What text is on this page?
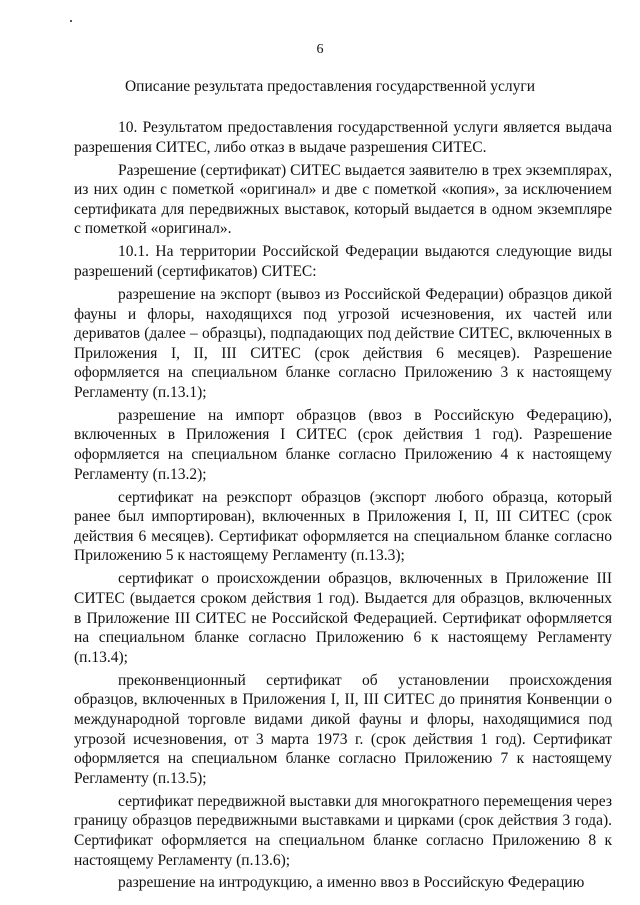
6
Описание результата предоставления государственной услуги

10. Результатом предоставления государственной услуги является выдача разрешения СИТЕС, либо отказ в выдаче разрешения СИТЕС.

Разрешение (сертификат) СИТЕС выдается заявителю в трех экземплярах, из них один с пометкой «оригинал» и две с пометкой «копия», за исключением сертификата для передвижных выставок, который выдается в одном экземпляре с пометкой «оригинал».

10.1. На территории Российской Федерации выдаются следующие виды разрешений (сертификатов) СИТЕС:

разрешение на экспорт (вывоз из Российской Федерации) образцов дикой фауны и флоры, находящихся под угрозой исчезновения, их частей или дериватов (далее – образцы), подпадающих под действие СИТЕС, включенных в Приложения I, II, III СИТЕС (срок действия 6 месяцев). Разрешение оформляется на специальном бланке согласно Приложению 3 к настоящему Регламенту (п.13.1);

разрешение на импорт образцов (ввоз в Российскую Федерацию), включенных в Приложения I СИТЕС (срок действия 1 год). Разрешение оформляется на специальном бланке согласно Приложению 4 к настоящему Регламенту (п.13.2);

сертификат на реэкспорт образцов (экспорт любого образца, который ранее был импортирован), включенных в Приложения I, II, III СИТЕС (срок действия 6 месяцев). Сертификат оформляется на специальном бланке согласно Приложению 5 к настоящему Регламенту (п.13.3);

сертификат о происхождении образцов, включенных в Приложение III СИТЕС (выдается сроком действия 1 год). Выдается для образцов, включенных в Приложение III СИТЕС не Российской Федерацией. Сертификат оформляется на специальном бланке согласно Приложению 6 к настоящему Регламенту (п.13.4);

преконвенционный сертификат об установлении происхождения образцов, включенных в Приложения I, II, III СИТЕС до принятия Конвенции о международной торговле видами дикой фауны и флоры, находящимися под угрозой исчезновения, от 3 марта 1973 г. (срок действия 1 год). Сертификат оформляется на специальном бланке согласно Приложению 7 к настоящему Регламенту (п.13.5);

сертификат передвижной выставки для многократного перемещения через границу образцов передвижными выставками и цирками (срок действия 3 года). Сертификат оформляется на специальном бланке согласно Приложению 8 к настоящему Регламенту (п.13.6);

разрешение на интродукцию, а именно ввоз в Российскую Федерацию
